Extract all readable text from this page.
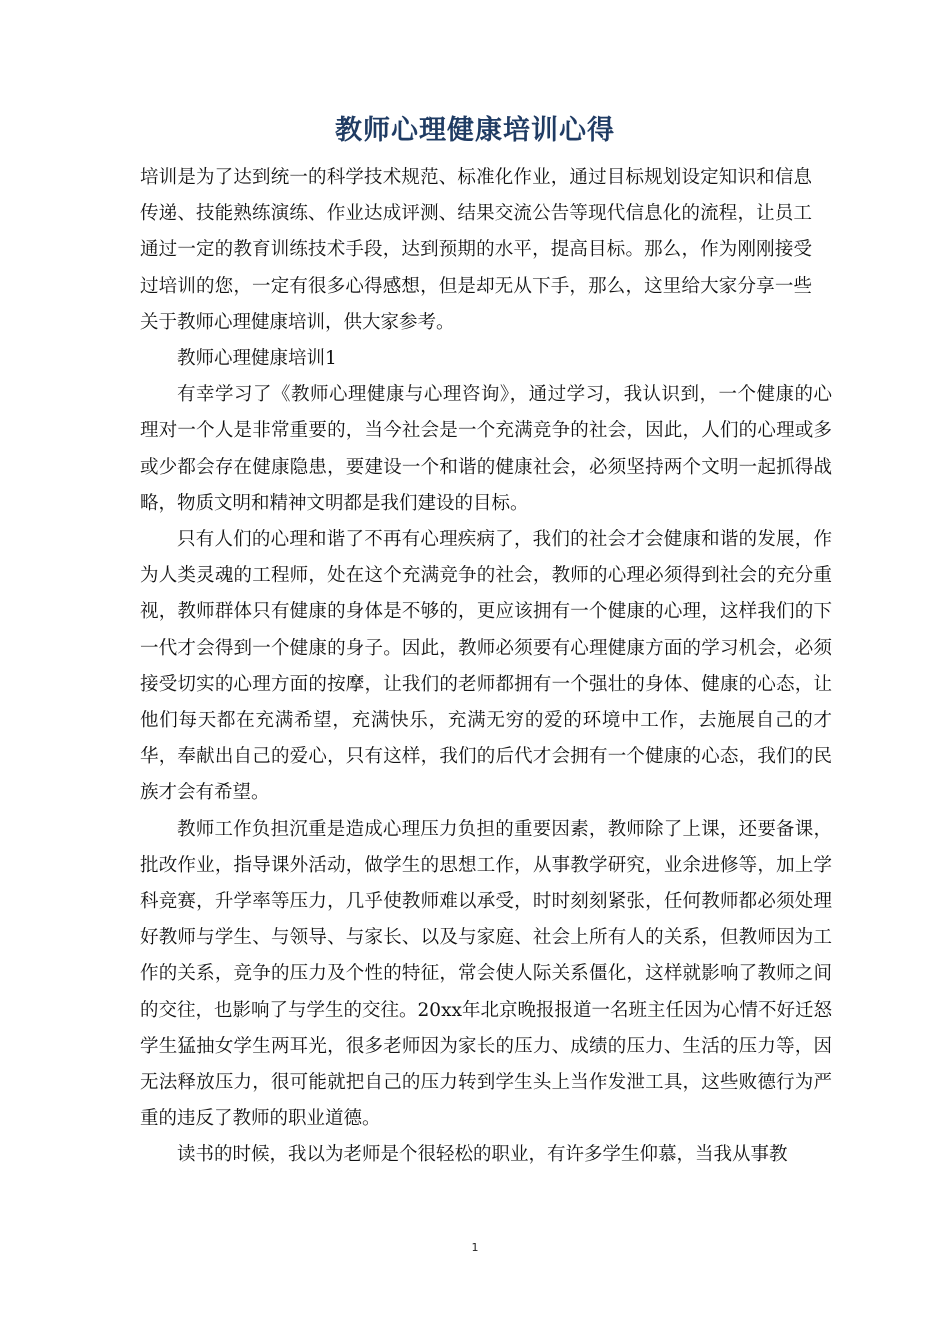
教师心理健康培训心得

培训是为了达到统一的科学技术规范、标准化作业，通过目标规划设定知识和信息传递、技能熟练演练、作业达成评测、结果交流公告等现代信息化的流程，让员工通过一定的教育训练技术手段，达到预期的水平，提高目标。那么，作为刚刚接受过培训的您，一定有很多心得感想，但是却无从下手，那么，这里给大家分享一些关于教师心理健康培训，供大家参考。

教师心理健康培训1

有幸学习了《教师心理健康与心理咨询》，通过学习，我认识到，一个健康的心理对一个人是非常重要的，当今社会是一个充满竞争的社会，因此，人们的心理或多或少都会存在健康隐患，要建设一个和谐的健康社会，必须坚持两个文明一起抓得战略，物质文明和精神文明都是我们建设的目标。

只有人们的心理和谐了不再有心理疾病了，我们的社会才会健康和谐的发展，作为人类灵魂的工程师，处在这个充满竞争的社会，教师的心理必须得到社会的充分重视，教师群体只有健康的身体是不够的，更应该拥有一个健康的心理，这样我们的下一代才会得到一个健康的身子。因此，教师必须要有心理健康方面的学习机会，必须接受切实的心理方面的按摩，让我们的老师都拥有一个强壮的身体、健康的心态，让他们每天都在充满希望，充满快乐，充满无穷的爱的环境中工作，去施展自己的才华，奉献出自己的爱心，只有这样，我们的后代才会拥有一个健康的心态，我们的民族才会有希望。

教师工作负担沉重是造成心理压力负担的重要因素，教师除了上课，还要备课，批改作业，指导课外活动，做学生的思想工作，从事教学研究，业余进修等，加上学科竞赛，升学率等压力，几乎使教师难以承受，时时刻刻紧张，任何教师都必须处理好教师与学生、与领导、与家长、以及与家庭、社会上所有人的关系，但教师因为工作的关系，竞争的压力及个性的特征，常会使人际关系僵化，这样就影响了教师之间的交往，也影响了与学生的交往。20xx年北京晚报报道一名班主任因为心情不好迁怒学生猛抽女学生两耳光，很多老师因为家长的压力、成绩的压力、生活的压力等，因无法释放压力，很可能就把自己的压力转到学生头上当作发泄工具，这些败德行为严重的违反了教师的职业道德。

读书的时候，我以为老师是个很轻松的职业，有许多学生仰慕，当我从事教

1
